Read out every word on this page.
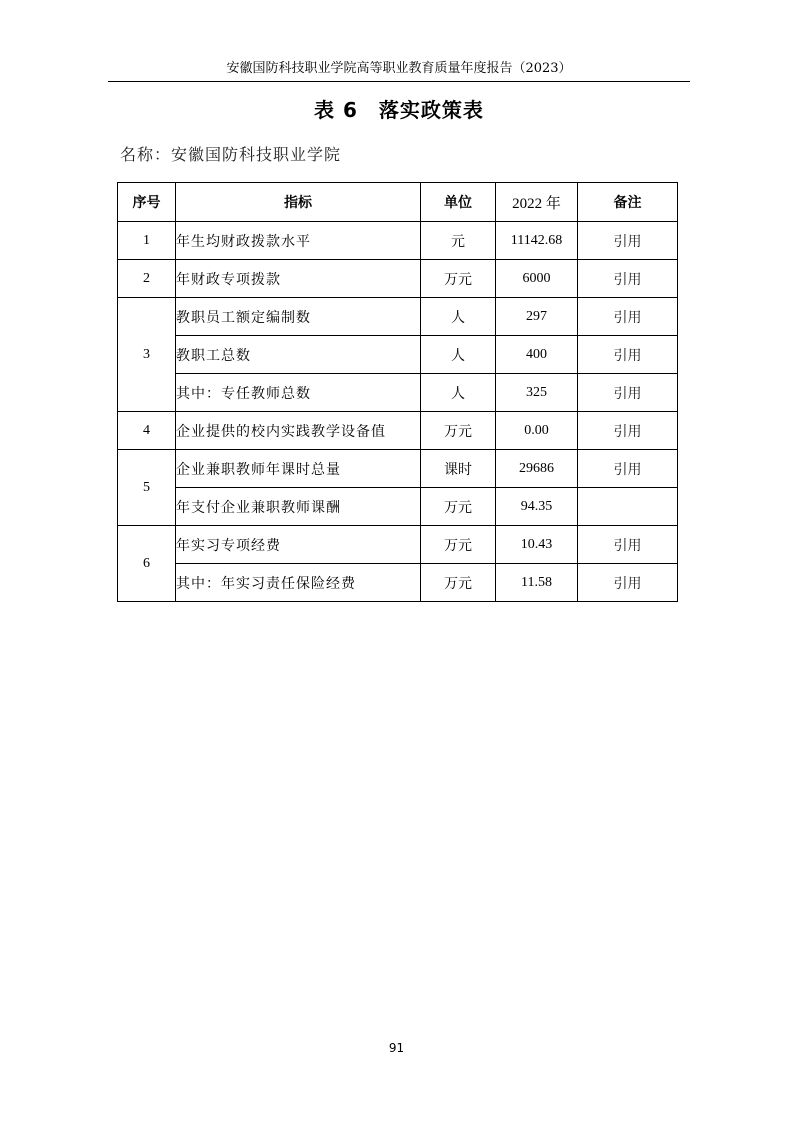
安徽国防科技职业学院高等职业教育质量年度报告（2023）
表 6　落实政策表
名称：安徽国防科技职业学院
序号	指标	单位	2022 年	备注
1	年生均财政拨款水平	元	11142.68	引用
2	年财政专项拨款	万元	6000	引用
3	教职员工额定编制数	人	297	引用
	教职工总数	人	400	引用
	其中：专任教师总数	人	325	引用
4	企业提供的校内实践教学设备值	万元	0.00	引用
5	企业兼职教师年课时总量	课时	29686	引用
	年支付企业兼职教师课酬	万元	94.35	
6	年实习专项经费	万元	10.43	引用
	其中：年实习责任保险经费	万元	11.58	引用
91
